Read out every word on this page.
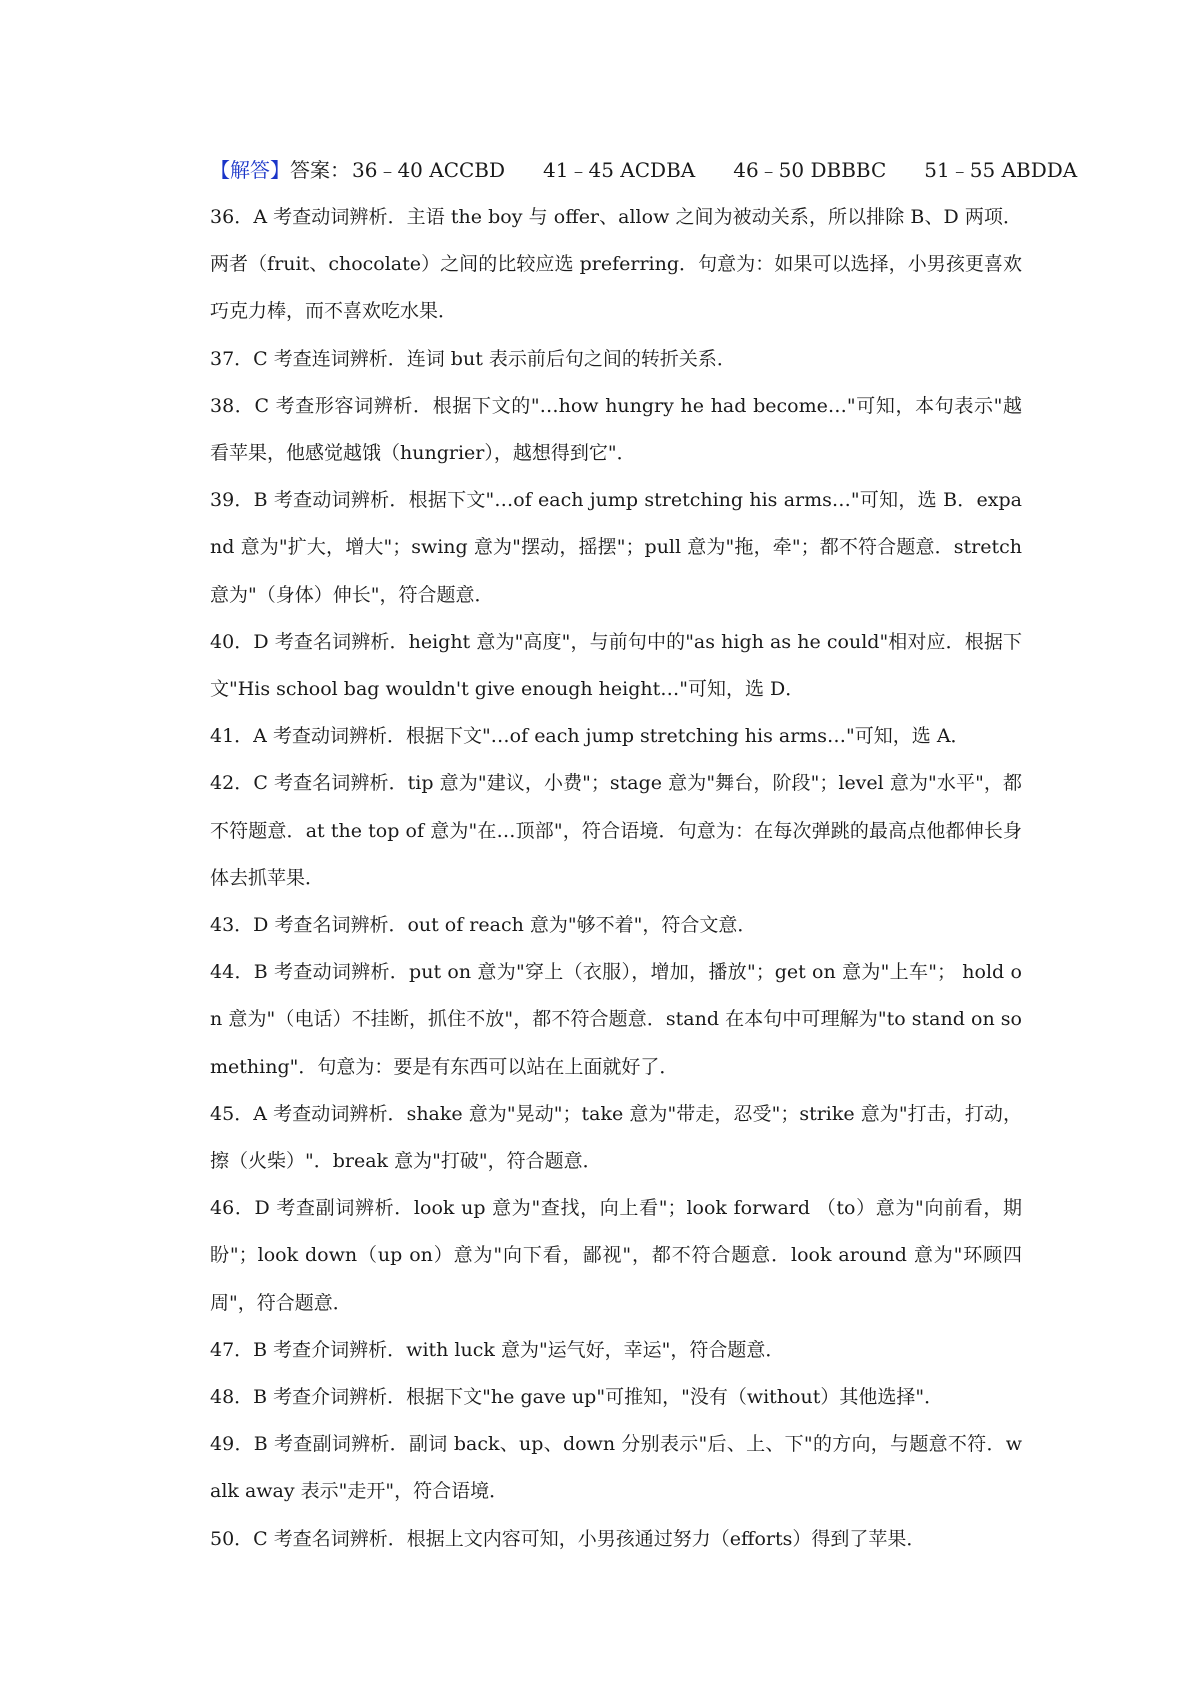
【解答】答案： 36﹣40 ACCBD 41﹣45 ACDBA 46﹣50 DBBBC 51﹣55 ABDDA

36．A 考查动词辨析．主语 the boy 与 offer、allow 之间为被动关系，所以排除 B、D 两项．两者（fruit、chocolate）之间的比较应选 preferring．句意为：如果可以选择，小男孩更喜欢巧克力棒，而不喜欢吃水果．

37．C 考查连词辨析．连词 but 表示前后句之间的转折关系．

38．C 考查形容词辨析．根据下文的"…how hungry he had become…"可知，本句表示"越看苹果，他感觉越饿（hungrier），越想得到它"．

39．B 考查动词辨析．根据下文"…of each jump stretching his arms…"可知，选 B．expand 意为"扩大，增大"；swing 意为"摆动，摇摆"；pull 意为"拖，牵"；都不符合题意．stretch 意为"（身体）伸长"，符合题意．

40．D 考查名词辨析．height 意为"高度"，与前句中的"as high as he could"相对应．根据下文"His school bag wouldn't give enough height…"可知，选 D．

41．A 考查动词辨析．根据下文"…of each jump stretching his arms…"可知，选 A．

42．C 考查名词辨析．tip 意为"建议，小费"；stage 意为"舞台，阶段"；level 意为"水平"，都不符题意．at the top of 意为"在…顶部"，符合语境．句意为：在每次弹跳的最高点他都伸长身体去抓苹果．

43．D 考查名词辨析．out of reach 意为"够不着"，符合文意．

44．B 考查动词辨析．put on 意为"穿上（衣服），增加，播放"；get on 意为"上车"； hold on 意为"（电话）不挂断，抓住不放"，都不符合题意．stand 在本句中可理解为"to stand on something"．句意为：要是有东西可以站在上面就好了．

45．A 考查动词辨析．shake 意为"晃动"；take 意为"带走，忍受"；strike 意为"打击，打动，擦（火柴）"．break 意为"打破"，符合题意．

46．D 考查副词辨析．look up 意为"查找，向上看"；look forward （to）意为"向前看，期盼"；look down（up on）意为"向下看，鄙视"，都不符合题意．look around 意为"环顾四周"，符合题意．

47．B 考查介词辨析．with luck 意为"运气好，幸运"，符合题意．

48．B 考查介词辨析．根据下文"he gave up"可推知，"没有（without）其他选择"．

49．B 考查副词辨析．副词 back、up、down 分别表示"后、上、下"的方向，与题意不符．walk away 表示"走开"，符合语境．

50．C 考查名词辨析．根据上文内容可知，小男孩通过努力（efforts）得到了苹果．
